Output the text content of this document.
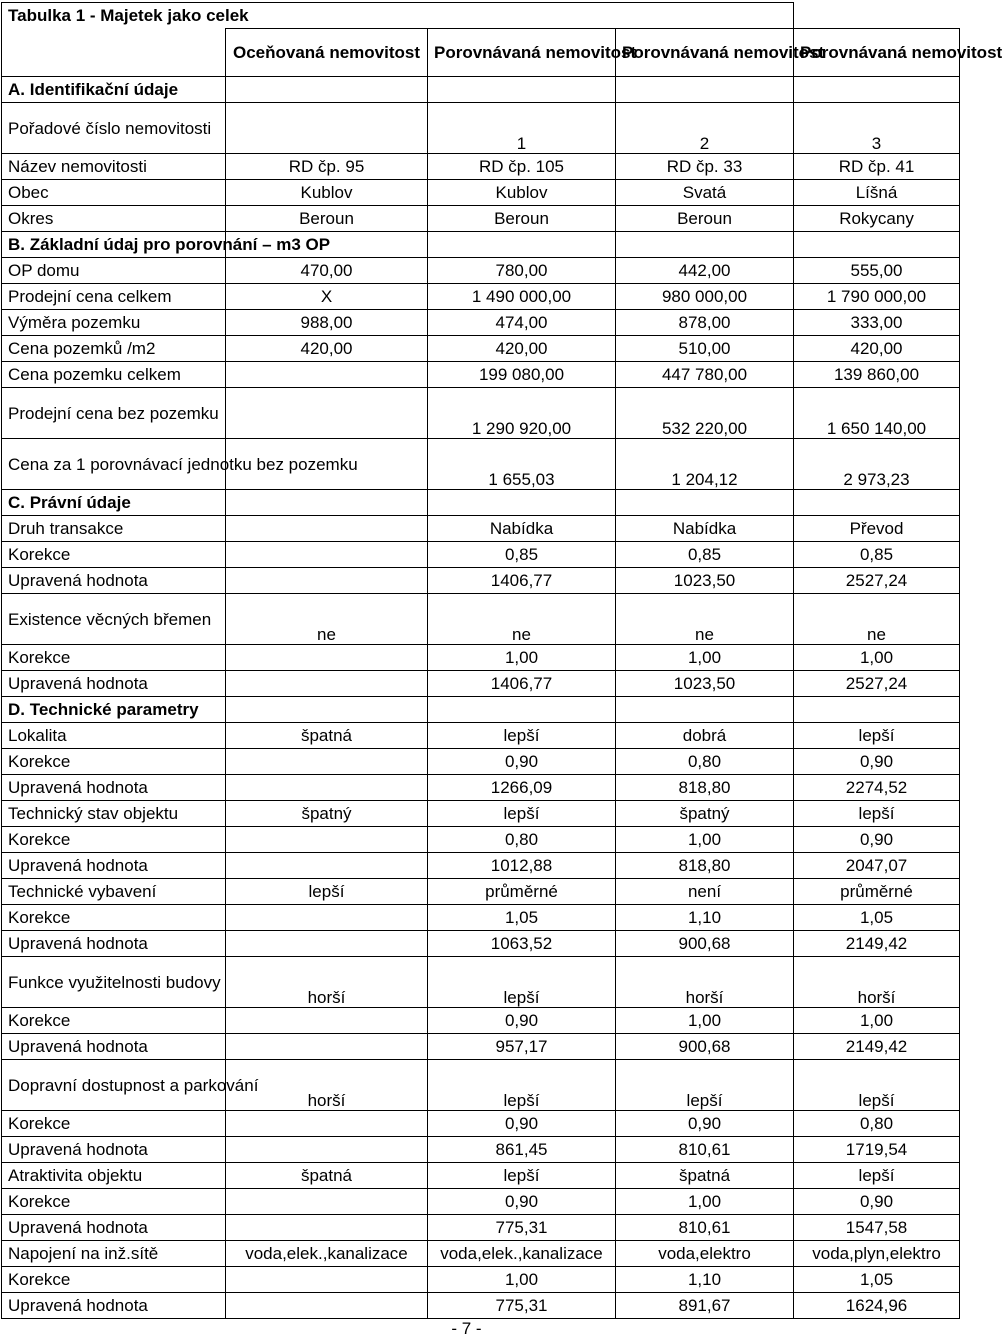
Tabulka 1 - Majetek jako celek				
	Oceňovaná nemovitost	Porovnávaná nemovitost	Porovnávaná nemovitost	Porovnávaná nemovitost
A. Identifikační údaje				
Pořadové číslo nemovitosti		1	2	3
Název nemovitosti	RD čp. 95	RD čp. 105	RD čp. 33	RD čp. 41
Obec	Kublov	Kublov	Svatá	Líšná
Okres	Beroun	Beroun	Beroun	Rokycany
B. Základní údaj pro porovnání – m3 OP				
OP domu	470,00	780,00	442,00	555,00
Prodejní cena celkem	X	1 490 000,00	980 000,00	1 790 000,00
Výměra pozemku	988,00	474,00	878,00	333,00
Cena pozemků /m2	420,00	420,00	510,00	420,00
Cena pozemku celkem		199 080,00	447 780,00	139 860,00
Prodejní cena bez pozemku		1 290 920,00	532 220,00	1 650 140,00
Cena za 1 porovnávací jednotku bez pozemku		1 655,03	1 204,12	2 973,23
C. Právní údaje				
Druh transakce		Nabídka	Nabídka	Převod
Korekce		0,85	0,85	0,85
Upravená hodnota		1406,77	1023,50	2527,24
Existence věcných břemen	ne	ne	ne	ne
Korekce		1,00	1,00	1,00
Upravená hodnota		1406,77	1023,50	2527,24
D. Technické parametry				
Lokalita	špatná	lepší	dobrá	lepší
Korekce		0,90	0,80	0,90
Upravená hodnota		1266,09	818,80	2274,52
Technický stav objektu	špatný	lepší	špatný	lepší
Korekce		0,80	1,00	0,90
Upravená hodnota		1012,88	818,80	2047,07
Technické vybavení	lepší	průměrné	není	průměrné
Korekce		1,05	1,10	1,05
Upravená hodnota		1063,52	900,68	2149,42
Funkce využitelnosti budovy	horší	lepší	horší	horší
Korekce		0,90	1,00	1,00
Upravená hodnota		957,17	900,68	2149,42
Dopravní dostupnost a parkování	horší	lepší	lepší	lepší
Korekce		0,90	0,90	0,80
Upravená hodnota		861,45	810,61	1719,54
Atraktivita objektu	špatná	lepší	špatná	lepší
Korekce		0,90	1,00	0,90
Upravená hodnota		775,31	810,61	1547,58
Napojení na inž.sítě	voda,elek.,kanalizace	voda,elek.,kanalizace	voda,elektro	voda,plyn,elektro
Korekce		1,00	1,10	1,05
Upravená hodnota		775,31	891,67	1624,96
- 7 -
